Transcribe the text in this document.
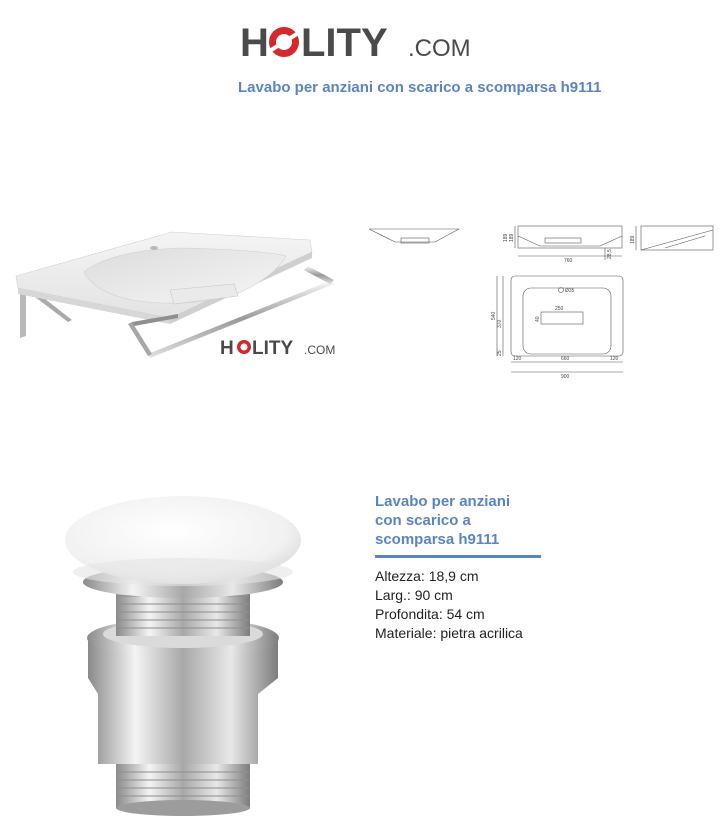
H LITY .COM
Lavabo per anziani con scarico a scomparsa h9111
H LITY .COM
189
760
28,5
189	189
540
370
25
Ø35
250
40
120	660	120
900
Lavabo per anziani con scarico a scomparsa h9111
Altezza: 18,9 cm
Larg.: 90 cm
Profondita: 54 cm
Materiale: pietra acrilica
